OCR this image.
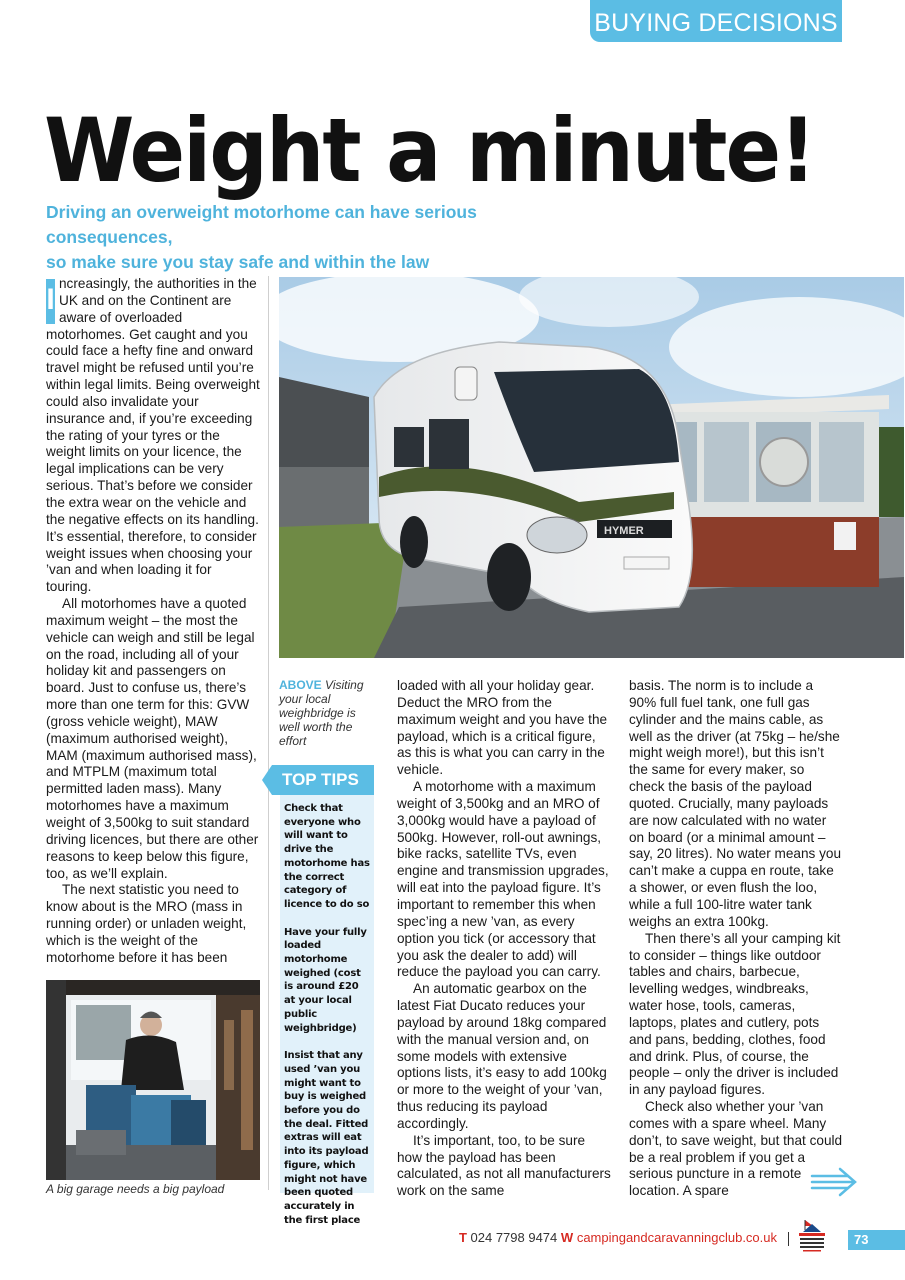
BUYING DECISIONS
Weight a minute!

Driving an overweight motorhome can have serious consequences,
so make sure you stay safe and within the law

I ncreasingly, the authorities in the UK and on the Continent are aware of overloaded motorhomes. Get caught and you could face a hefty fine and onward travel might be refused until you’re within legal limits. Being overweight could also invalidate your insurance and, if you’re exceeding the rating of your tyres or the weight limits on your licence, the legal implications can be very serious. That’s before we consider the extra wear on the vehicle and the negative effects on its handling. It’s essential, therefore, to consider weight issues when choosing your ’van and when loading it for touring.

All motorhomes have a quoted maximum weight – the most the vehicle can weigh and still be legal on the road, including all of your holiday kit and passengers on board. Just to confuse us, there’s more than one term for this: GVW (gross vehicle weight), MAW (maximum authorised weight), MAM (maximum authorised mass), and MTPLM (maximum total permitted laden mass). Many motorhomes have a maximum weight of 3,500kg to suit standard driving licences, but there are other reasons to keep below this figure, too, as we’ll explain.

The next statistic you need to know about is the MRO (mass in running order) or unladen weight, which is the weight of the motorhome before it has been

HYMER

ABOVE Visiting your local weighbridge is well worth the effort

TOP TIPS

Check that everyone who will want to drive the motorhome has the correct category of licence to do so

Have your fully loaded motorhome weighed (cost is around £20 at your local public weighbridge)

Insist that any used ’van you might want to buy is weighed before you do the deal. Fitted extras will eat into its payload figure, which might not have been quoted accurately in the first place

A big garage needs a big payload

loaded with all your holiday gear. Deduct the MRO from the maximum weight and you have the payload, which is a critical figure, as this is what you can carry in the vehicle.

A motorhome with a maximum weight of 3,500kg and an MRO of 3,000kg would have a payload of 500kg. However, roll-out awnings, bike racks, satellite TVs, even engine and transmission upgrades, will eat into the payload figure. It’s important to remember this when spec’ing a new ’van, as every option you tick (or accessory that you ask the dealer to add) will reduce the payload you can carry.

An automatic gearbox on the latest Fiat Ducato reduces your payload by around 18kg compared with the manual version and, on some models with extensive options lists, it’s easy to add 100kg or more to the weight of your ’van, thus reducing its payload accordingly.

It’s important, too, to be sure how the payload has been calculated, as not all manufacturers work on the same

basis. The norm is to include a 90% full fuel tank, one full gas cylinder and the mains cable, as well as the driver (at 75kg – he/she might weigh more!), but this isn’t the same for every maker, so check the basis of the payload quoted. Crucially, many payloads are now calculated with no water on board (or a minimal amount – say, 20 litres). No water means you can’t make a cuppa en route, take a shower, or even flush the loo, while a full 100-litre water tank weighs an extra 100kg.

Then there’s all your camping kit to consider – things like outdoor tables and chairs, barbecue, levelling wedges, windbreaks, water hose, tools, cameras, laptops, plates and cutlery, pots and pans, bedding, clothes, food and drink. Plus, of course, the people – only the driver is included in any payload figures.

Check also whether your ’van comes with a spare wheel. Many don’t, to save weight, but that could be a real problem if you get a serious puncture in a remote location. A spare

T 024 7798 9474 W campingandcaravanningclub.co.uk	73
